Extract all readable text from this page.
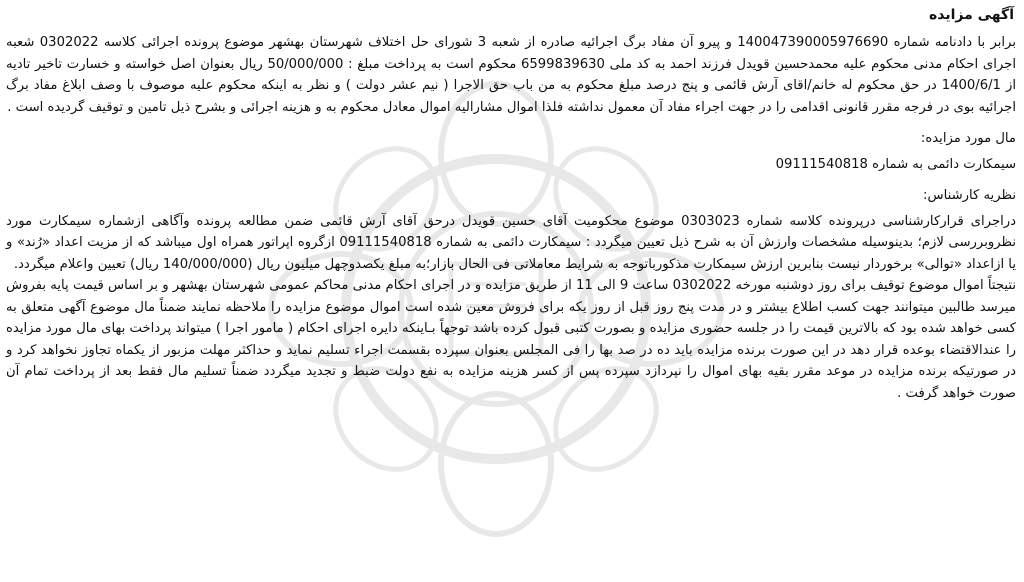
آگهی مزایده

برابر با دادنامه شماره 140047390005976690 و پیرو آن مفاد برگ اجرائیه صادره از شعبه 3 شورای حل اختلاف شهرستان بهشهر موضوع پرونده اجرائی کلاسه 0302022 شعبه اجرای احکام مدنی محکوم علیه محمدحسین قویدل فرزند احمد به کد ملی 6599839630 محکوم است به پرداخت مبلغ : 50/000/000 ریال بعنوان اصل خواسته و خسارت تاخیر تادیه از 1400/6/1 در حق محکوم له خانم/اقای آرش قائمی و پنج درصد مبلغ محکوم به من باب حق الاجرا ( نیم عشر دولت ) و نظر به اینکه محکوم علیه موصوف با وصف ابلاغ مفاد برگ اجرائیه بوی در فرجه مقرر قانونی اقدامی را در جهت اجراء مفاد آن معمول نداشته فلذا اموال مشارالیه اموال معادل محکوم به و هزینه اجرائی و بشرح ذیل تامین و توقیف گردیده است .

مال مورد مزایده:
سیمکارت دائمی به شماره 09111540818
نظریه کارشناس:

دراجرای قرارکارشناسی درپرونده کلاسه شماره 0303023 موضوع محکومیت آقای حسین قویدل درحق آقای آرش قائمی ضمن مطالعه پرونده وآگاهی ازشماره سیمکارت مورد نظروبررسی لازم؛ بدینوسیله مشخصات وارزش آن به شرح ذیل تعیین میگردد : سیمکارت دائمی به شماره 09111540818 ازگروه اپراتور همراه اول میباشد که از مزیت اعداد «رُند» و یا ازاعداد «توالی» برخوردار نیست بنابرین ارزش سیمکارت مذکورباتوجه به شرایط معاملاتی فی الحال بازار؛به مبلغ یکصدوچهل میلیون ریال (140/000/000 ریال) تعیین واعلام میگردد.

نتیجتاً اموال موضوع توقیف برای روز دوشنبه مورخه 0302022 ساعت 9 الی 11 از طریق مزایده و در اجرای احکام مدنی محاکم عمومی شهرستان بهشهر و بر اساس قیمت پایه بفروش میرسد طالبین میتوانند جهت کسب اطلاع بیشتر و در مدت پنج روز قبل از روز یکه برای فروش معین شده است اموال موضوع مزایده را ملاحظه نمایند ضمناً مال موضوع آگهی متعلق به کسی خواهد شده بود که بالاترین قیمت را در جلسه حضوری مزایده و بصورت کتبی قبول کرده باشد توجهاً بـاینکه دایره اجرای احکام ( مامور اجرا ) میتواند پرداخت بهای مال مورد مزایده را عندالاقتضاء بوعده قرار دهد در این صورت برنده مزایده باید ده در صد بها را فی المجلس بعنوان سپرده بقسمت اجراء تسلیم نماید و حداکثر مهلت مزبور از یکماه تجاوز نخواهد کرد و در صورتیکه برنده مزایده در موعد مقرر بقیه بهای اموال را نپردازد سپرده پس از کسر هزینه مزایده به نفع دولت ضبط و تجدید میگردد ضمناً تسلیم مال فقط بعد از پرداخت تمام آن صورت خواهد گرفت .
